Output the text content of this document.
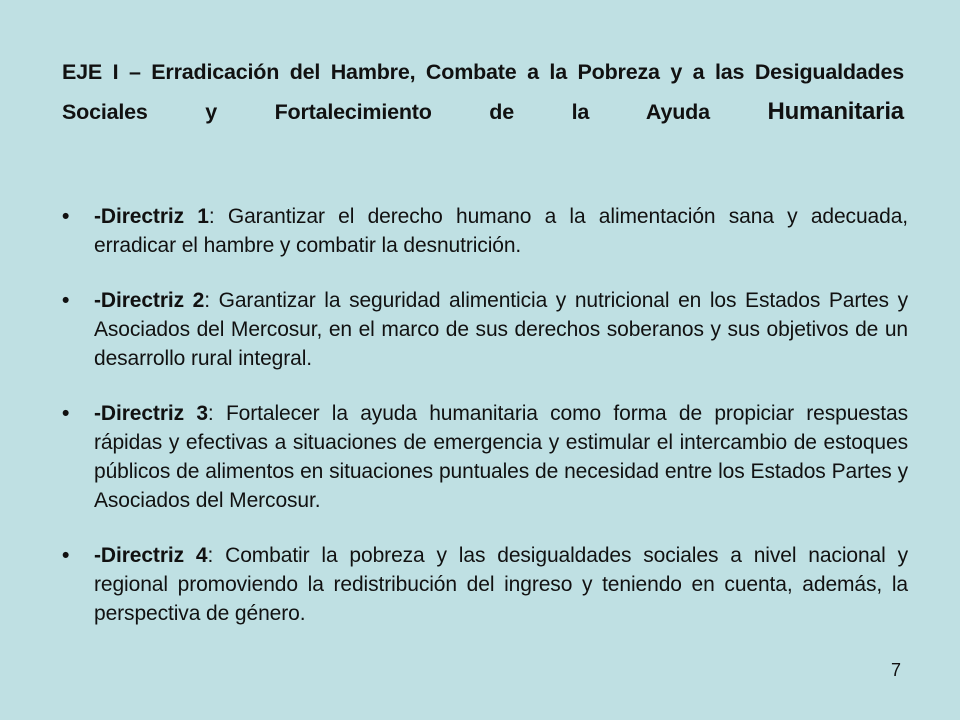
EJE I – Erradicación del Hambre, Combate a la Pobreza y a las Desigualdades
Sociales	y	Fortalecimiento	de	la	Ayuda Humanitaria
•	-Directriz 1: Garantizar el derecho humano a la alimentación sana y adecuada, erradicar el hambre y combatir la desnutrición.
•	-Directriz 2: Garantizar la seguridad alimenticia y nutricional en los Estados Partes y Asociados del Mercosur, en el marco de sus derechos soberanos y sus objetivos de un desarrollo rural integral.
•	-Directriz 3: Fortalecer la ayuda humanitaria como forma de propiciar respuestas rápidas y efectivas a situaciones de emergencia y estimular el intercambio de estoques públicos de alimentos en situaciones puntuales de necesidad entre los Estados Partes y Asociados del Mercosur.
•	-Directriz 4: Combatir la pobreza y las desigualdades sociales a nivel nacional y regional promoviendo la redistribución del ingreso y teniendo en cuenta, además, la perspectiva de género.
7
